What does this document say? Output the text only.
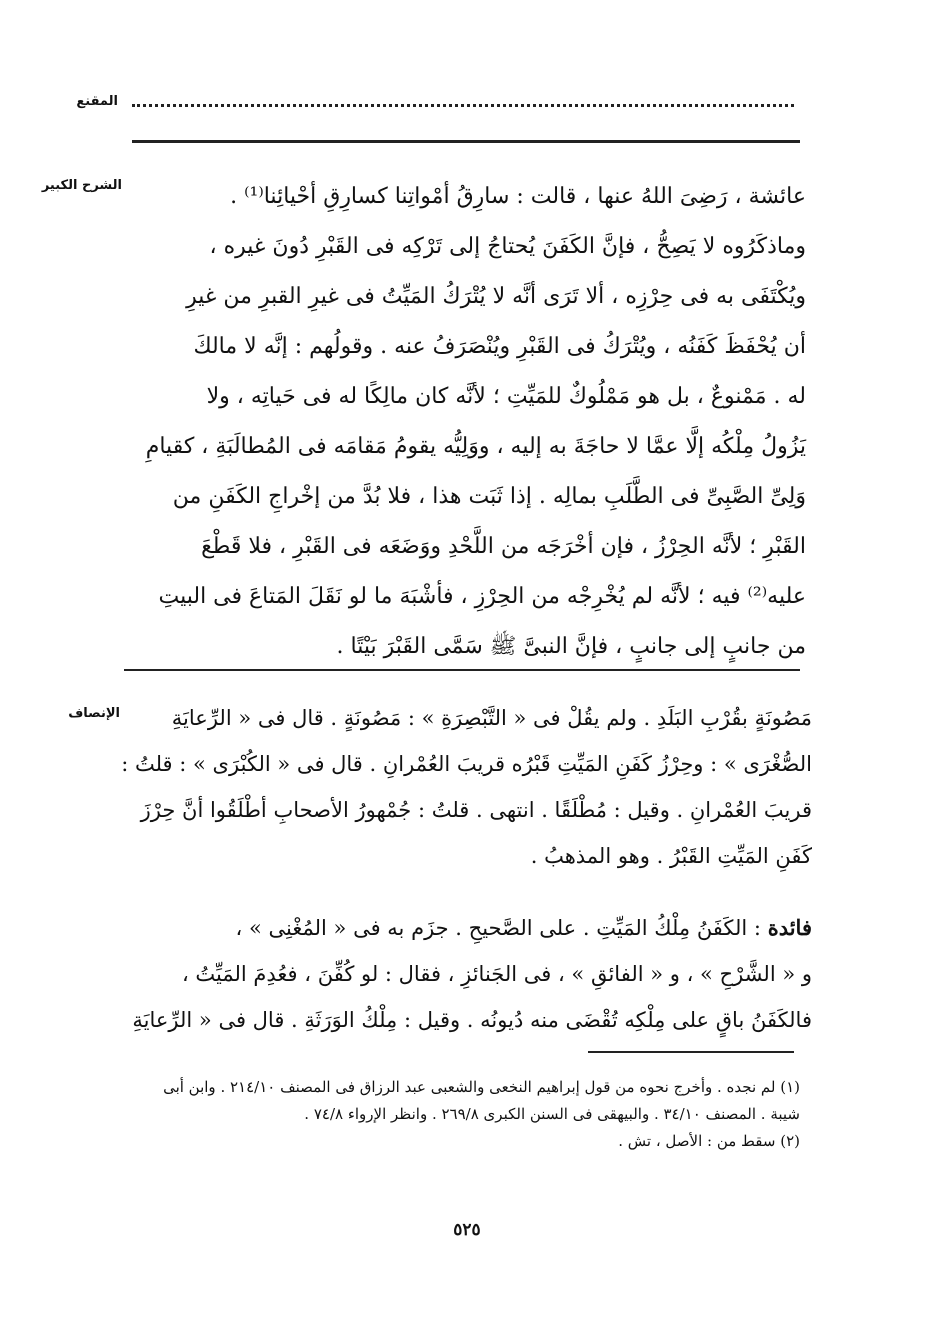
المقنع
الشرح الكبير	عائشة ، رَضِىَ اللهُ عنها ، قالت : سارِقُ أمْواتِنا كسارِقِ أحْيائِنا⁽¹⁾ .
وماذكَرُوه لا يَصِحُّ ، فإنَّ الكَفَنَ يُحتاجُ إلى تَرْكِه فى القَبْرِ دُونَ غيره ،
ويُكْتَفَى به فى حِرْزِه ، ألا تَرَى أنَّه لا يُتْرَكُ المَيِّتُ فى غيرِ القبرِ من غيرِ
أن يُحْفَظَ كَفَنُه ، ويُتْرَكُ فى القَبْرِ ويُنْصَرَفُ عنه . وقولُهم : إنَّه لا مالكَ
له . مَمْنوعٌ ، بل هو مَمْلُوكٌ للمَيِّتِ ؛ لأنَّه كان مالِكًا له فى حَياتِه ، ولا
يَزُولُ مِلْكُه إلَّا عمَّا لا حاجَةَ به إليه ، ووَلِيُّه يقومُ مَقامَه فى المُطالَبَةِ ، كقيامِ
وَلِىِّ الصَّبِىِّ فى الطَّلَبِ بمالِه . إذا ثَبَت هذا ، فلا بُدَّ من إخْراجِ الكَفَنِ من
القَبْرِ ؛ لأنَّه الحِرْزُ ، فإن أخْرَجَه من اللَّحْدِ ووَضَعَه فى القَبْرِ ، فلا قَطْعَ
عليه⁽²⁾ فيه ؛ لأنَّه لم يُخْرِجْه من الحِرْزِ ، فأشْبَهَ ما لو نَقَلَ المَتاعَ فى البيتِ
من جانبٍ إلى جانبٍ ، فإنَّ النبىَّ ﷺ سَمَّى القَبْرَ بَيْتًا .
الإنصاف	مَصُونَةٍ بقُرْبِ البَلَدِ . ولم يقُلْ فى « التَّبْصِرَةِ » : مَصُونَةٍ . قال فى « الرِّعايَةِ
الصُّغْرَى » : وحِرْزُ كَفَنِ المَيِّتِ قَبْرُه قريبَ العُمْرانِ . قال فى « الكُبْرَى » : قلتُ :
قريبَ العُمْرانِ . وقيل : مُطْلَقًا . انتهى . قلتُ : جُمْهورُ الأصحابِ أطْلَقُوا أنَّ حِرْزَ
كَفَنِ المَيِّتِ القَبْرُ . وهو المذهبُ .
فائدة : الكَفَنُ مِلْكُ المَيِّتِ . على الصَّحيحِ . جزَم به فى « المُغْنِى » ،
و « الشَّرْحِ » ، و « الفائقِ » ، فى الجَنائزِ ، فقال : لو كُفِّنَ ، فعُدِمَ المَيِّتُ ،
فالكَفَنُ باقٍ على مِلْكِه تُقْضَى منه دُيونُه . وقيل : مِلْكُ الوَرَثَةِ . قال فى « الرِّعايَةِ
(١) لم نجده . وأخرج نحوه من قول إبراهيم النخعى والشعبى عبد الرزاق فى المصنف ٢١٤/١٠ . وابن أبى
شيبة . المصنف ٣٤/١٠ . والبيهقى فى السنن الكبرى ٢٦٩/٨ . وانظر الإرواء ٧٤/٨ .
(٢) سقط من : الأصل ، تش .
٥٢٥
